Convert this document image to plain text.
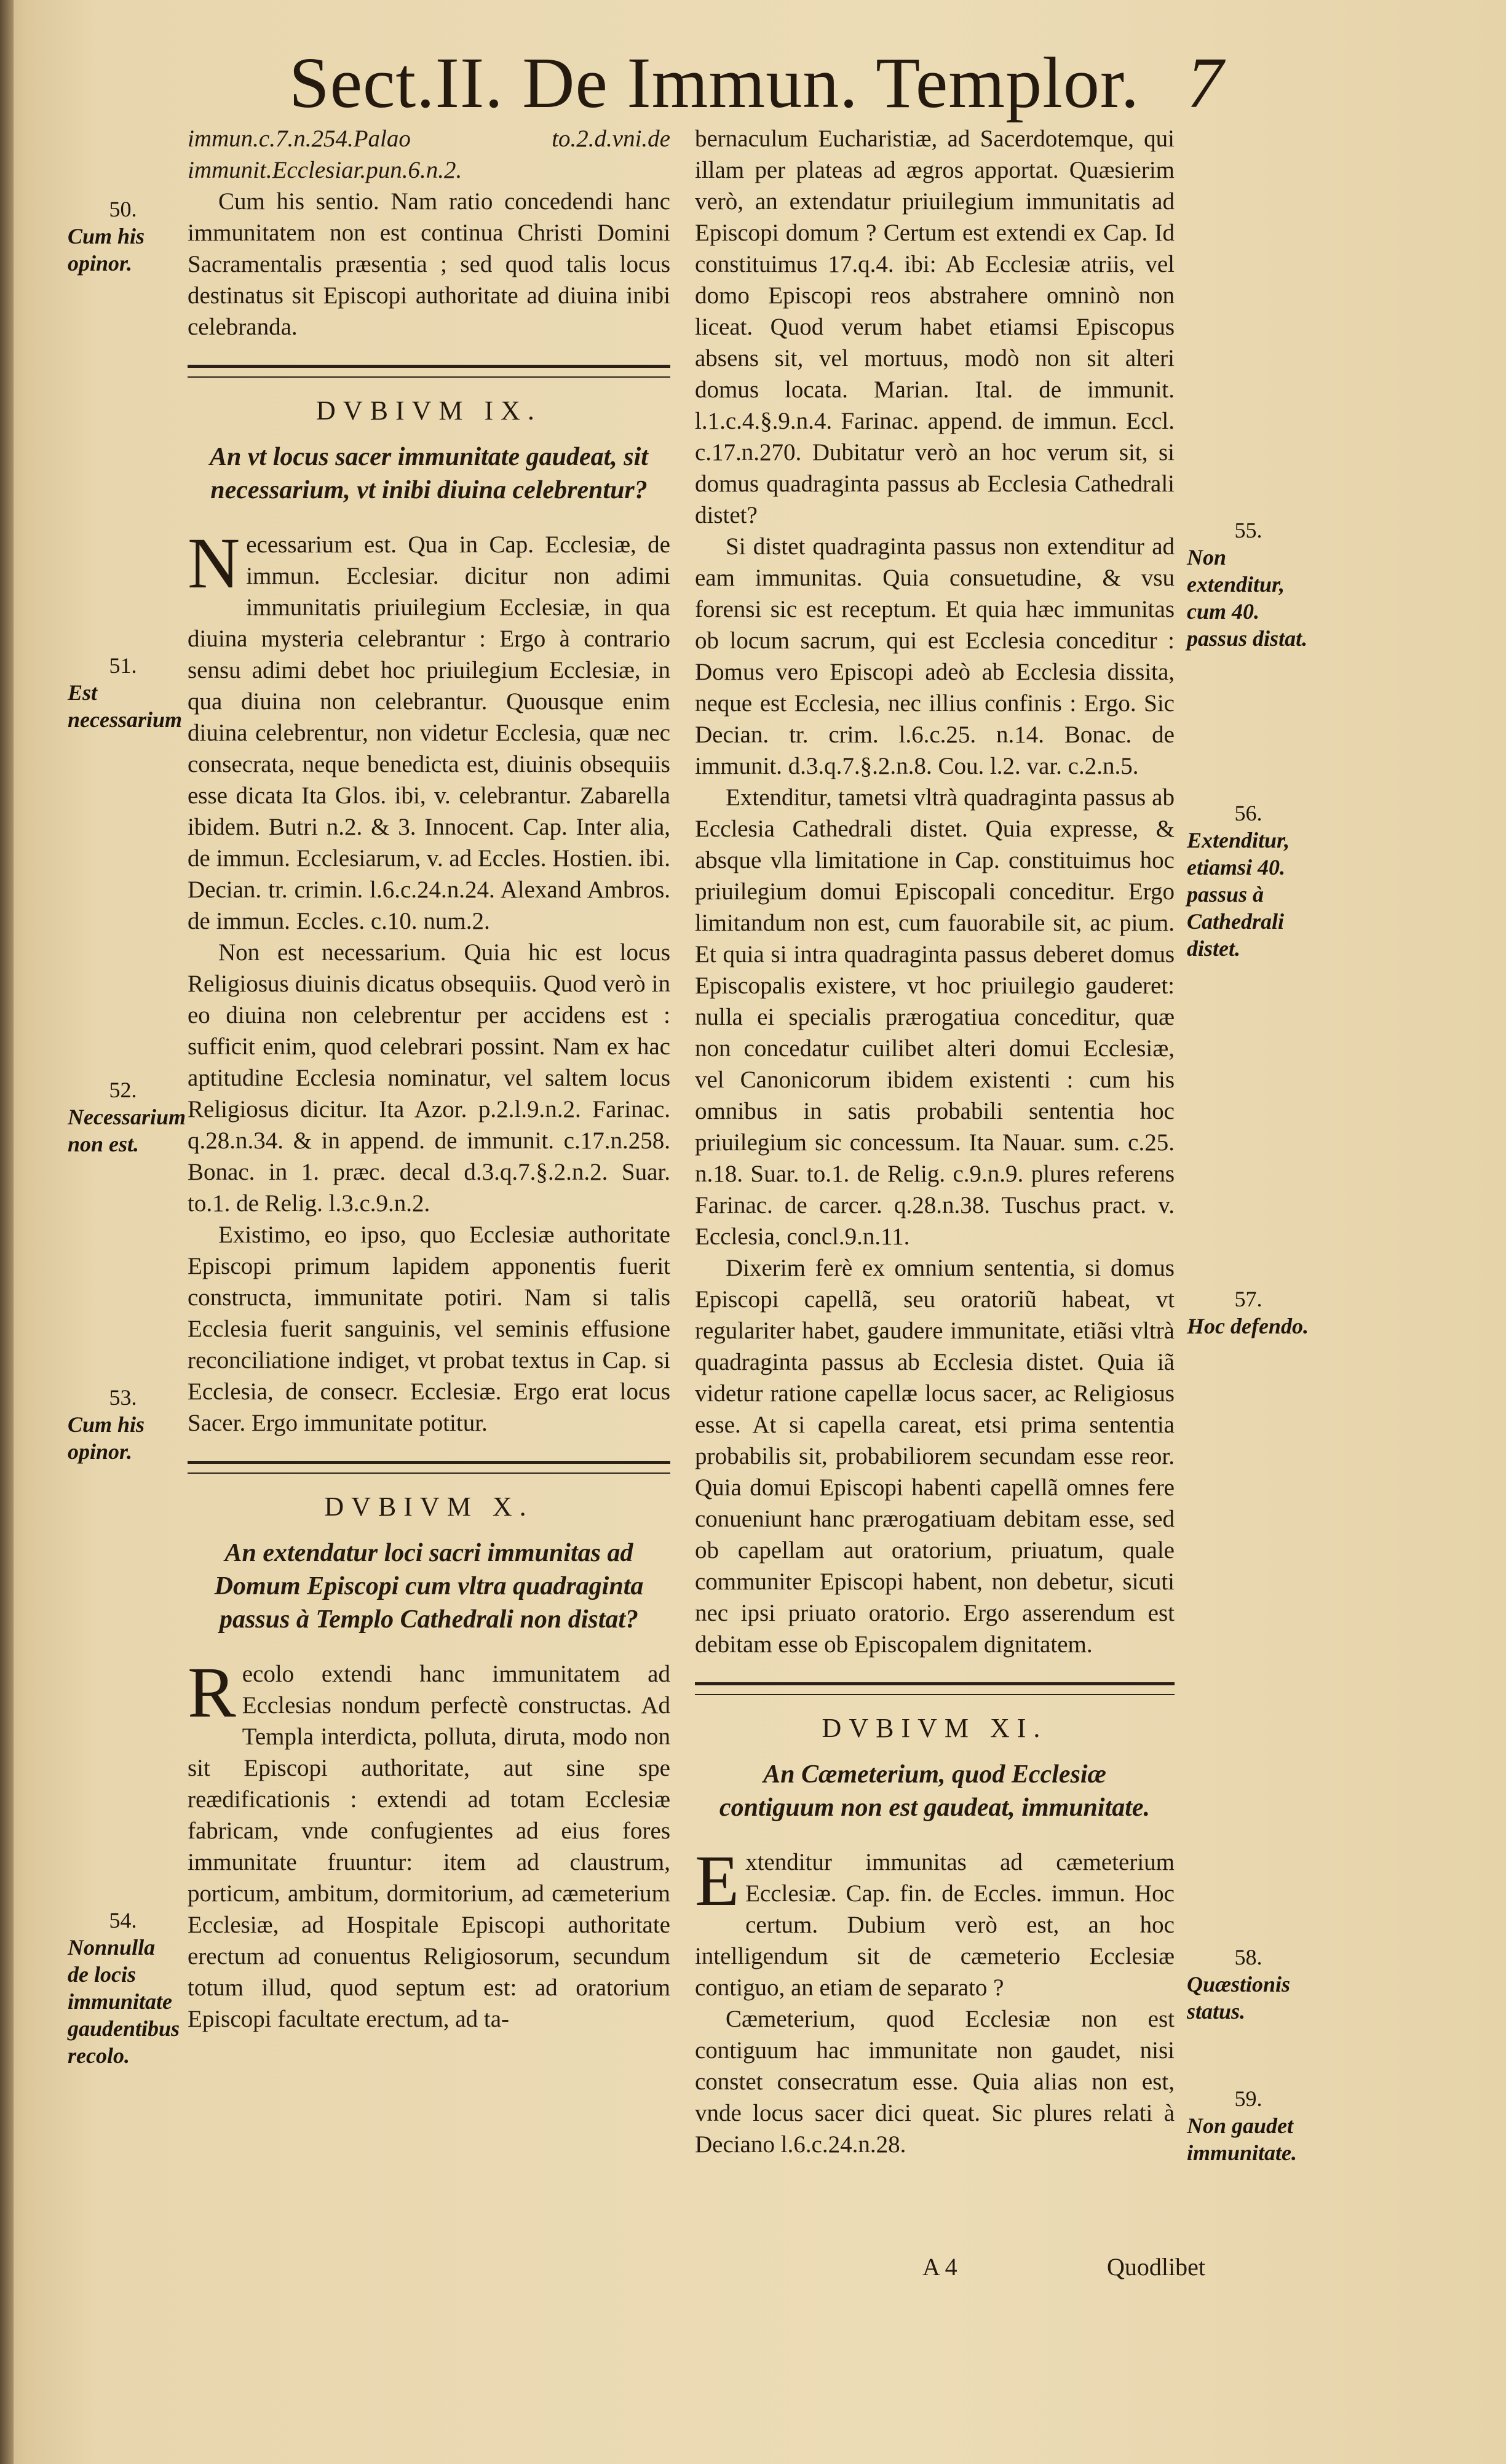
Sect.II. De Immun. Templor. 7

immun.c.7.n.254.Palao to.2.d.vni.de immunit.Ecclesiar.pun.6.n.2.

Cum his sentio. Nam ratio concedendi hanc immunitatem non est continua Christi Domini Sacramentalis præsentia ; sed quod talis locus destinatus sit Episcopi authoritate ad diuina inibi celebranda.

DVBIVM IX.
An vt locus sacer immunitate gaudeat, sit necessarium, vt inibi diuina celebrentur?

Necessarium est. Qua in Cap. Ecclesiæ, de immun. Ecclesiar. dicitur non adimi immunitatis priuilegium Ecclesiæ, in qua diuina mysteria celebrantur : Ergo à contrario sensu adimi debet hoc priuilegium Ecclesiæ, in qua diuina non celebrantur. Quousque enim diuina celebrentur, non videtur Ecclesia, quæ nec consecrata, neque benedicta est, diuinis obsequiis esse dicata Ita Glos. ibi, v. celebrantur. Zabarella ibidem. Butri n.2. & 3. Innocent. Cap. Inter alia, de immun. Ecclesiarum, v. ad Eccles. Hostien. ibi. Decian. tr. crimin. l.6.c.24.n.24. Alexand Ambros. de immun. Eccles. c.10. num.2.

Non est necessarium. Quia hic est locus Religiosus diuinis dicatus obsequiis. Quod verò in eo diuina non celebrentur per accidens est : sufficit enim, quod celebrari possint. Nam ex hac aptitudine Ecclesia nominatur, vel saltem locus Religiosus dicitur. Ita Azor. p.2.l.9.n.2. Farinac. q.28.n.34. & in append. de immunit. c.17.n.258. Bonac. in 1. præc. decal d.3.q.7.§.2.n.2. Suar. to.1. de Relig. l.3.c.9.n.2.

Existimo, eo ipso, quo Ecclesiæ authoritate Episcopi primum lapidem apponentis fuerit constructa, immunitate potiri. Nam si talis Ecclesia fuerit sanguinis, vel seminis effusione reconciliatione indiget, vt probat textus in Cap. si Ecclesia, de consecr. Ecclesiæ. Ergo erat locus Sacer. Ergo immunitate potitur.

DVBIVM X.
An extendatur loci sacri immunitas ad Domum Episcopi cum vltra quadraginta passus à Templo Cathedrali non distat?

Recolo extendi hanc immunitatem ad Ecclesias nondum perfectè constructas. Ad Templa interdicta, polluta, diruta, modo non sit Episcopi authoritate, aut sine spe reædificationis : extendi ad totam Ecclesiæ fabricam, vnde confugientes ad eius fores immunitate fruuntur: item ad claustrum, porticum, ambitum, dormitorium, ad cæmeterium Ecclesiæ, ad Hospitale Episcopi authoritate erectum ad conuentus Religiosorum, secundum totum illud, quod septum est: ad oratorium Episcopi facultate erectum, ad ta-

bernaculum Eucharistiæ, ad Sacerdotemque, qui illam per plateas ad ægros apportat. Quæsierim verò, an extendatur priuilegium immunitatis ad Episcopi domum ? Certum est extendi ex Cap. Id constituimus 17.q.4. ibi: Ab Ecclesiæ atriis, vel domo Episcopi reos abstrahere omninò non liceat. Quod verum habet etiamsi Episcopus absens sit, vel mortuus, modò non sit alteri domus locata. Marian. Ital. de immunit. l.1.c.4.§.9.n.4. Farinac. append. de immun. Eccl. c.17.n.270. Dubitatur verò an hoc verum sit, si domus quadraginta passus ab Ecclesia Cathedrali distet?

Si distet quadraginta passus non extenditur ad eam immunitas. Quia consuetudine, & vsu forensi sic est receptum. Et quia hæc immunitas ob locum sacrum, qui est Ecclesia conceditur : Domus vero Episcopi adeò ab Ecclesia dissita, neque est Ecclesia, nec illius confinis : Ergo. Sic Decian. tr. crim. l.6.c.25. n.14. Bonac. de immunit. d.3.q.7.§.2.n.8. Cou. l.2. var. c.2.n.5.

Extenditur, tametsi vltrà quadraginta passus ab Ecclesia Cathedrali distet. Quia expresse, & absque vlla limitatione in Cap. constituimus hoc priuilegium domui Episcopali conceditur. Ergo limitandum non est, cum fauorabile sit, ac pium. Et quia si intra quadraginta passus deberet domus Episcopalis existere, vt hoc priuilegio gauderet: nulla ei specialis prærogatiua conceditur, quæ non concedatur cuilibet alteri domui Ecclesiæ, vel Canonicorum ibidem existenti : cum his omnibus in satis probabili sententia hoc priuilegium sic concessum. Ita Nauar. sum. c.25. n.18. Suar. to.1. de Relig. c.9.n.9. plures referens Farinac. de carcer. q.28.n.38. Tuschus pract. v. Ecclesia, concl.9.n.11.

Dixerim ferè ex omnium sententia, si domus Episcopi capellã, seu oratoriũ habeat, vt regulariter habet, gaudere immunitate, etiãsi vltrà quadraginta passus ab Ecclesia distet. Quia iã videtur ratione capellæ locus sacer, ac Religiosus esse. At si capella careat, etsi prima sententia probabilis sit, probabiliorem secundam esse reor. Quia domui Episcopi habenti capellã omnes fere conueniunt hanc prærogatiuam debitam esse, sed ob capellam aut oratorium, priuatum, quale communiter Episcopi habent, non debetur, sicuti nec ipsi priuato oratorio. Ergo asserendum est debitam esse ob Episcopalem dignitatem.

DVBIVM XI.
An Cæmeterium, quod Ecclesiæ contiguum non est gaudeat, immunitate.

Extenditur immunitas ad cæmeterium Ecclesiæ. Cap. fin. de Eccles. immun. Hoc certum. Dubium verò est, an hoc intelligendum sit de cæmeterio Ecclesiæ contiguo, an etiam de separato ?

Cæmeterium, quod Ecclesiæ non est contiguum hac immunitate non gaudet, nisi constet consecratum esse. Quia alias non est, vnde locus sacer dici queat. Sic plures relati à Deciano l.6.c.24.n.28.

50.
Cum his opinor.
51.
Est necessarium
52.
Necessarium non est.
53.
Cum his opinor.
54.
Nonnulla de locis immunitate gaudentibus recolo.
55.
Non extenditur, cum 40. passus distat.
56.
Extenditur, etiamsi 40. passus à Cathedrali distet.
57.
Hoc defendo.
58.
Quæstionis status.
59.
Non gaudet immunitate.
A 4	Quodlibet
